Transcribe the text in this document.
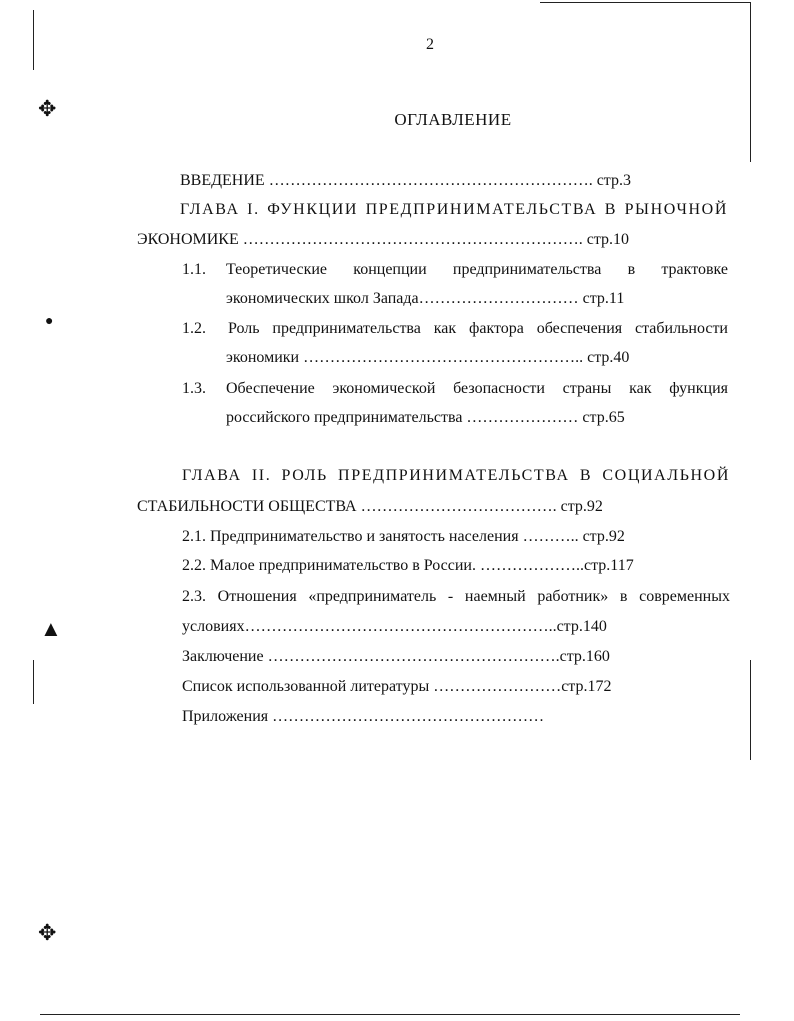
✥
●
▲
✥
2
ОГЛАВЛЕНИЕ
ВВЕДЕНИЕ ……………………………………………………. стр.3
ГЛАВА I. ФУНКЦИИ ПРЕДПРИНИМАТЕЛЬСТВА В РЫНОЧНОЙ
ЭКОНОМИКЕ ………………………………………………………. стр.10
1.1. Теоретические концепции предпринимательства в трактовке
экономических школ Запада………………………… стр.11
1.2. Роль предпринимательства как фактора обеспечения стабильности
экономики …………………………………………….. стр.40
1.3. Обеспечение экономической безопасности страны как функция
российского предпринимательства ………………… стр.65
ГЛАВА II. РОЛЬ ПРЕДПРИНИМАТЕЛЬСТВА В СОЦИАЛЬНОЙ
СТАБИЛЬНОСТИ ОБЩЕСТВА ………………………………. стр.92
2.1. Предпринимательство и занятость населения ……….. стр.92
2.2. Малое предпринимательство в России. ………………..стр.117
2.3. Отношения «предприниматель - наемный работник» в современных
условиях…………………………………………………..стр.140
Заключение ……………………………………………….стр.160
Список использованной литературы ……………………стр.172
Приложения ……………………………………………
